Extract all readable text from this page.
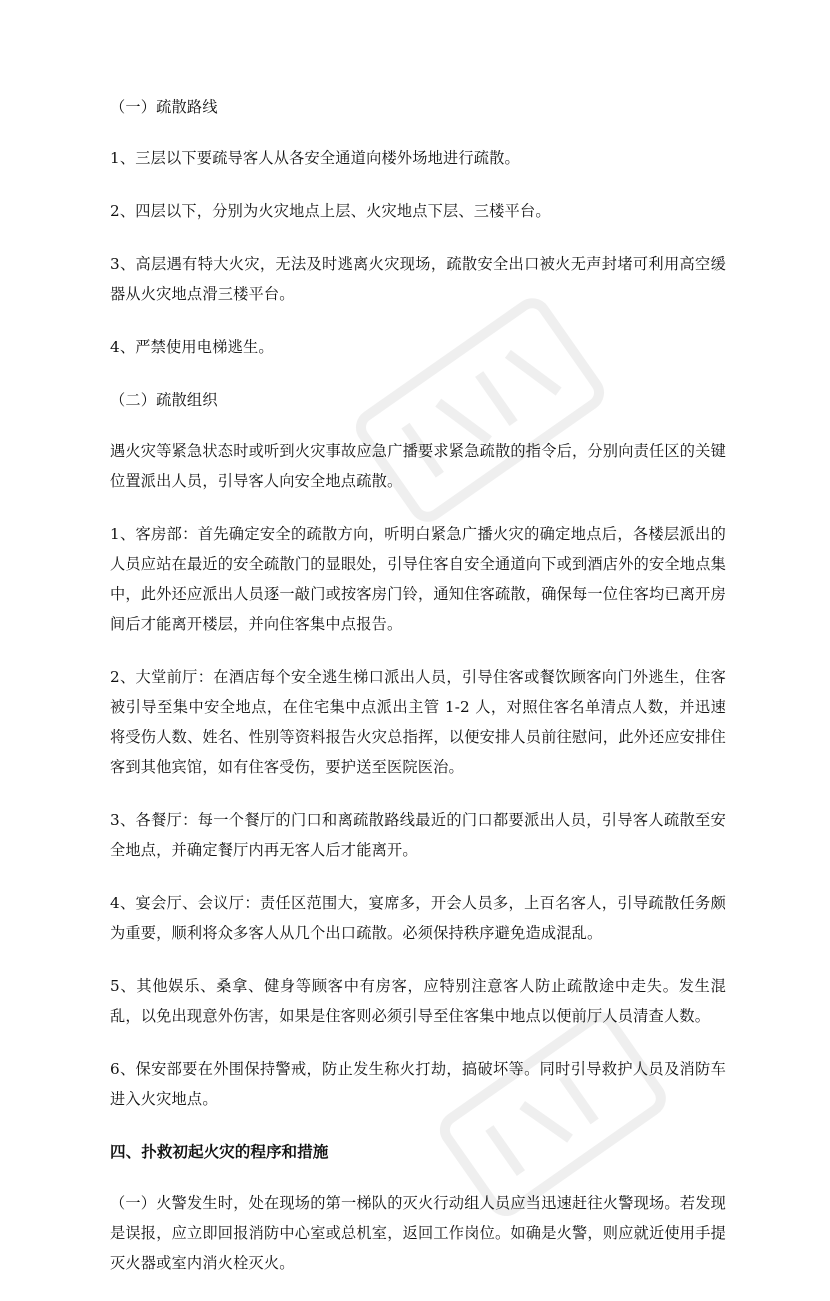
（一）疏散路线

1、三层以下要疏导客人从各安全通道向楼外场地进行疏散。

2、四层以下，分别为火灾地点上层、火灾地点下层、三楼平台。

3、高层遇有特大火灾，无法及时逃离火灾现场，疏散安全出口被火无声封堵可利用高空缓器从火灾地点滑三楼平台。

4、严禁使用电梯逃生。

（二）疏散组织

遇火灾等紧急状态时或听到火灾事故应急广播要求紧急疏散的指令后，分别向责任区的关键位置派出人员，引导客人向安全地点疏散。

1、客房部：首先确定安全的疏散方向，听明白紧急广播火灾的确定地点后，各楼层派出的人员应站在最近的安全疏散门的显眼处，引导住客自安全通道向下或到酒店外的安全地点集中，此外还应派出人员逐一敲门或按客房门铃，通知住客疏散，确保每一位住客均已离开房间后才能离开楼层，并向住客集中点报告。

2、大堂前厅：在酒店每个安全逃生梯口派出人员，引导住客或餐饮顾客向门外逃生，住客被引导至集中安全地点，在住宅集中点派出主管 1-2 人，对照住客名单清点人数，并迅速将受伤人数、姓名、性别等资料报告火灾总指挥，以便安排人员前往慰问，此外还应安排住客到其他宾馆，如有住客受伤，要护送至医院医治。

3、各餐厅：每一个餐厅的门口和离疏散路线最近的门口都要派出人员，引导客人疏散至安全地点，并确定餐厅内再无客人后才能离开。

4、宴会厅、会议厅：责任区范围大，宴席多，开会人员多，上百名客人，引导疏散任务颇为重要，顺利将众多客人从几个出口疏散。必须保持秩序避免造成混乱。

5、其他娱乐、桑拿、健身等顾客中有房客，应特别注意客人防止疏散途中走失。发生混乱，以免出现意外伤害，如果是住客则必须引导至住客集中地点以便前厅人员清查人数。

6、保安部要在外围保持警戒，防止发生称火打劫，搞破坏等。同时引导救护人员及消防车进入火灾地点。

四、扑救初起火灾的程序和措施

（一）火警发生时，处在现场的第一梯队的灭火行动组人员应当迅速赶往火警现场。若发现是误报，应立即回报消防中心室或总机室，返回工作岗位。如确是火警，则应就近使用手提灭火器或室内消火栓灭火。
